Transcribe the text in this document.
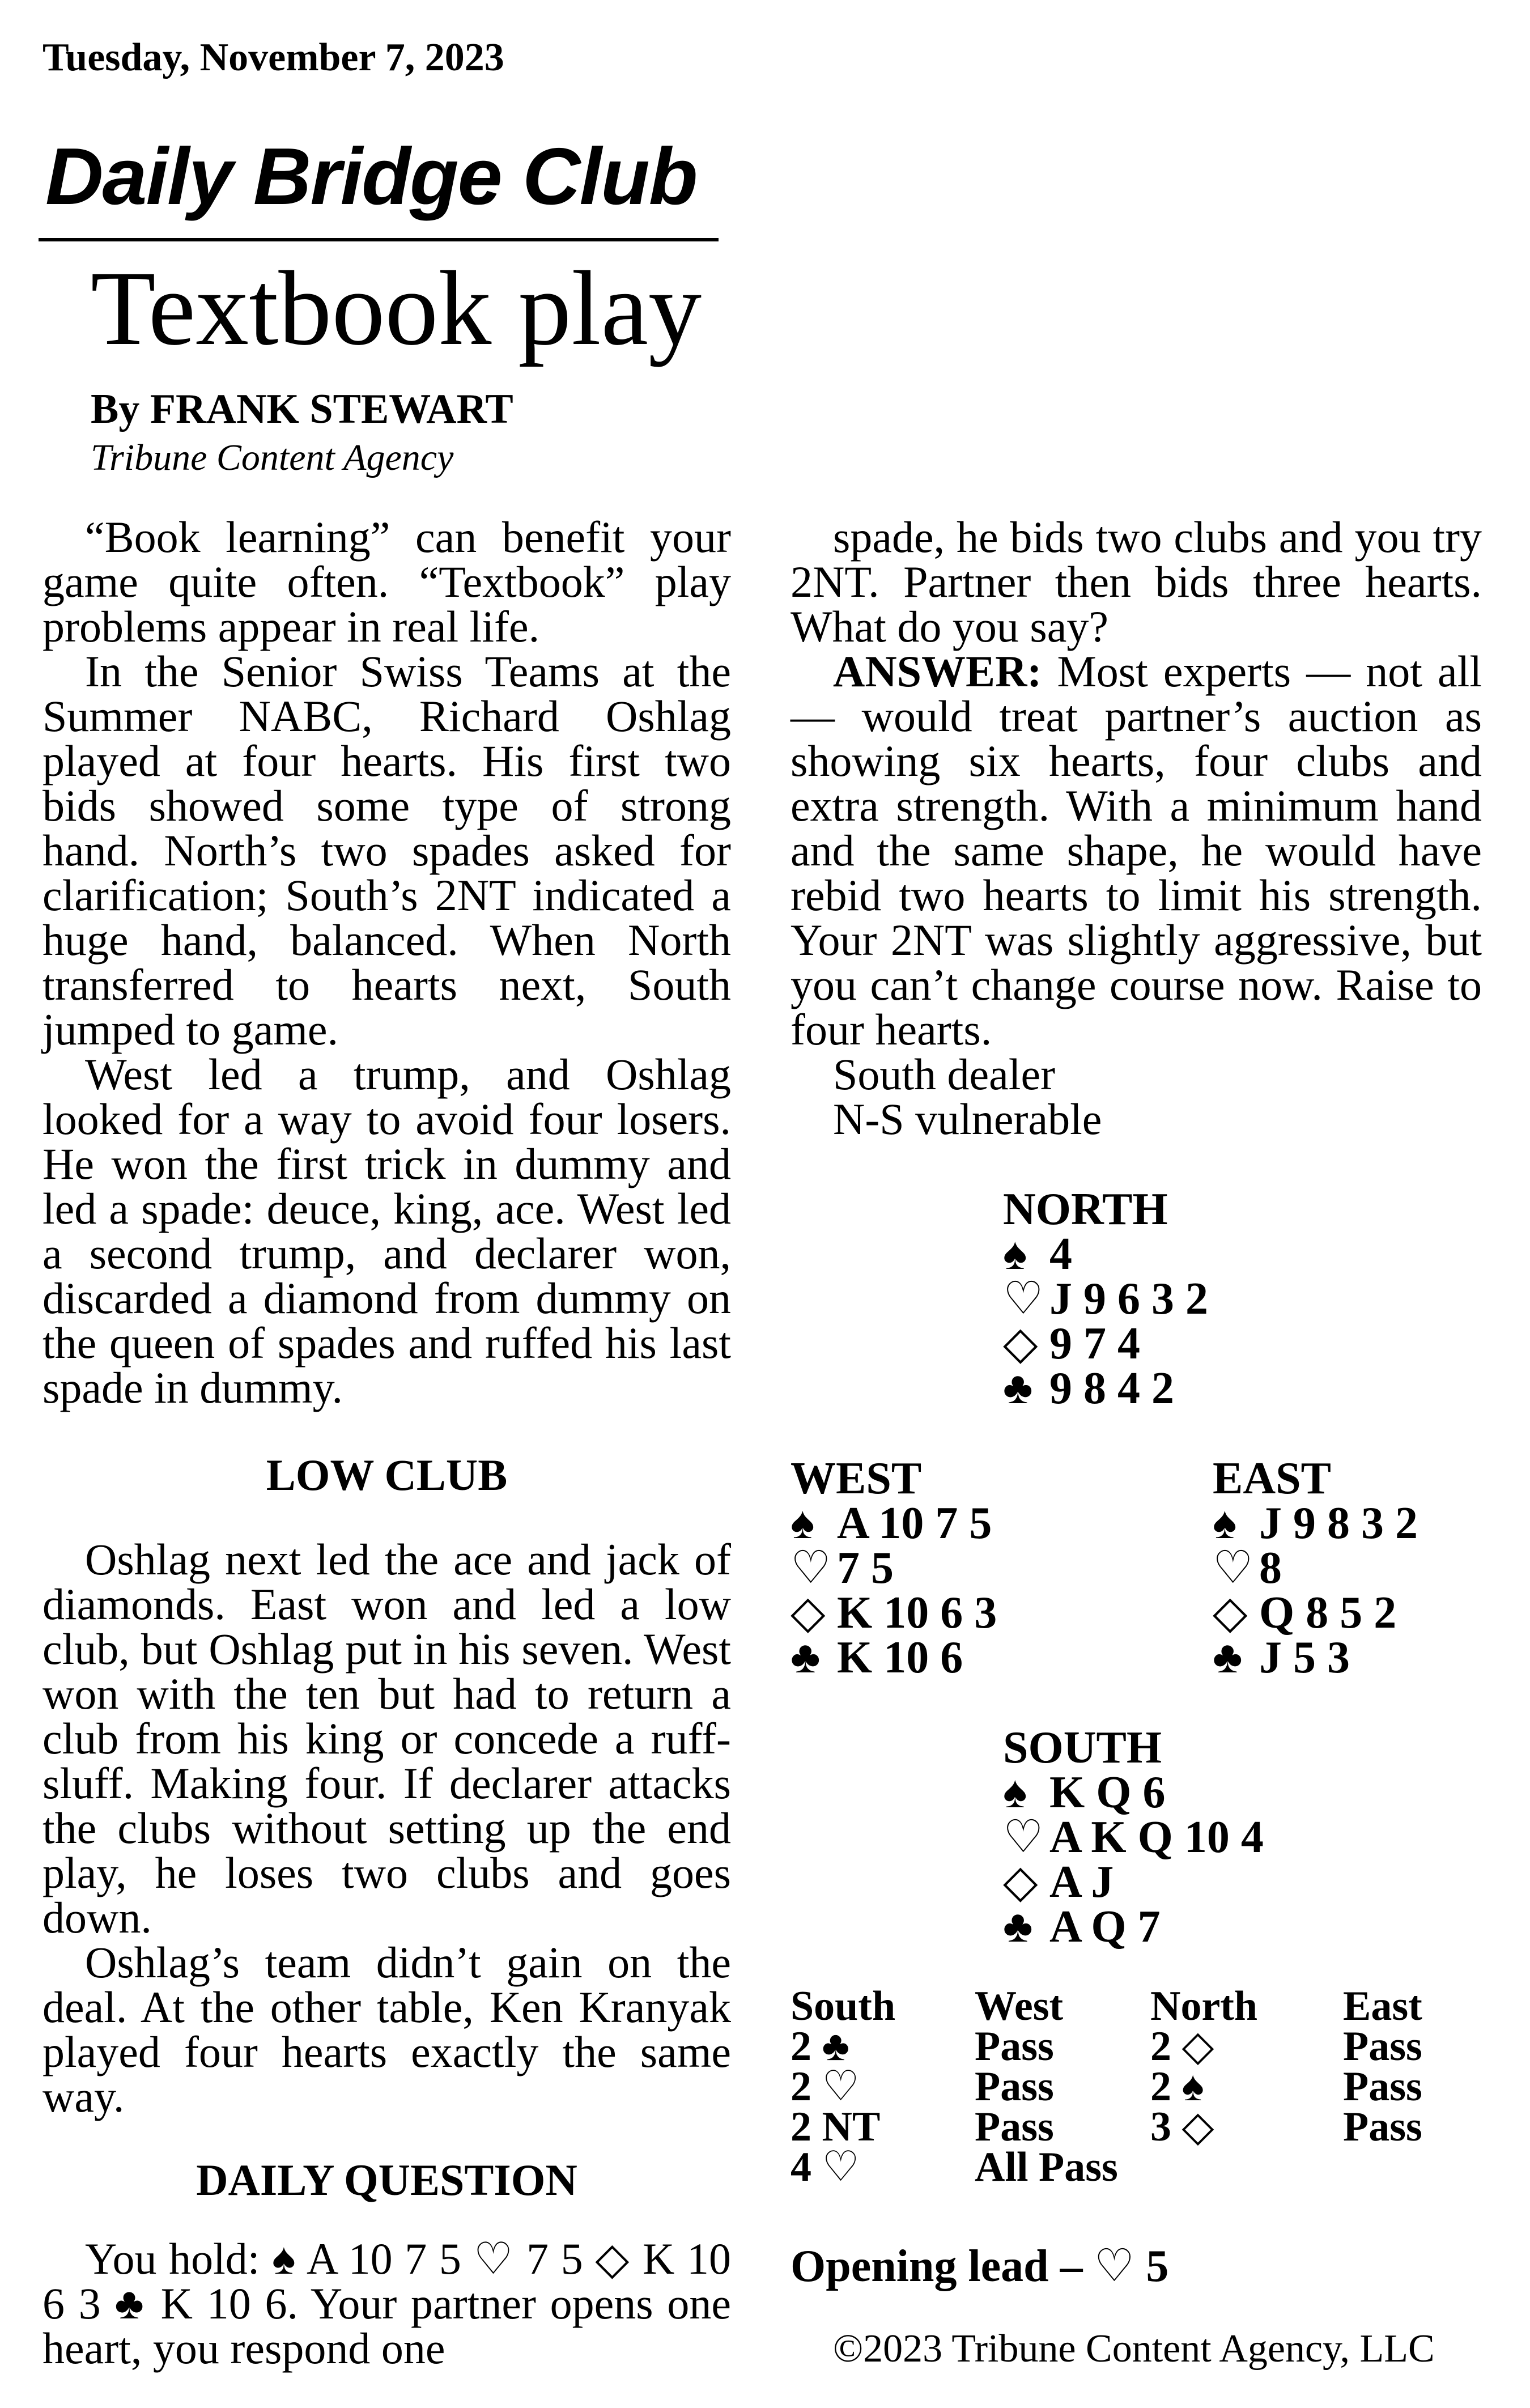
Tuesday, November 7, 2023
Daily Bridge Club
Textbook play
By FRANK STEWART
Tribune Content Agency

“Book learning” can benefit your game quite often. “Textbook” play problems appear in real life.

In the Senior Swiss Teams at the Summer NABC, Richard Oshlag played at four hearts. His first two bids showed some type of strong hand. North’s two spades asked for clarification; South’s 2NT indicated a huge hand, balanced. When North transferred to hearts next, South jumped to game.

West led a trump, and Oshlag looked for a way to avoid four losers. He won the first trick in dummy and led a spade: deuce, king, ace. West led a second trump, and declarer won, discarded a diamond from dummy on the queen of spades and ruffed his last spade in dummy.

LOW CLUB

Oshlag next led the ace and jack of diamonds. East won and led a low club, but Oshlag put in his seven. West won with the ten but had to return a club from his king or concede a ruff-sluff. Making four. If declarer attacks the clubs without setting up the end play, he loses two clubs and goes down.

Oshlag’s team didn’t gain on the deal. At the other table, Ken Kranyak played four hearts exactly the same way.

DAILY QUESTION

You hold: ♠ A 10 7 5 ♡ 7 5 ◇ K 10 6 3 ♣ K 10 6. Your partner opens one heart, you respond one

spade, he bids two clubs and you try 2NT. Partner then bids three hearts. What do you say?

ANSWER: Most experts — not all — would treat partner’s auction as showing six hearts, four clubs and extra strength. With a minimum hand and the same shape, he would have rebid two hearts to limit his strength. Your 2NT was slightly aggressive, but you can’t change course now. Raise to four hearts.

South dealer

N-S vulnerable

NORTH
♠ 4
♡ J 9 6 3 2
◇ 9 7 4
♣ 9 8 4 2
WEST
♠ A 10 7 5
♡ 7 5
◇ K 10 6 3
♣ K 10 6
EAST
♠ J 9 8 3 2
♡ 8
◇ Q 8 5 2
♣ J 5 3
SOUTH
♠ K Q 6
♡ A K Q 10 4
◇ A J
♣ A Q 7
South West North East
2 ♣	Pass 2 ◇	Pass
2 ♡	Pass 2 ♠	Pass
2 NT Pass 3 ◇	Pass
4 ♡	All Pass
Opening lead – ♡ 5
©2023 Tribune Content Agency, LLC
